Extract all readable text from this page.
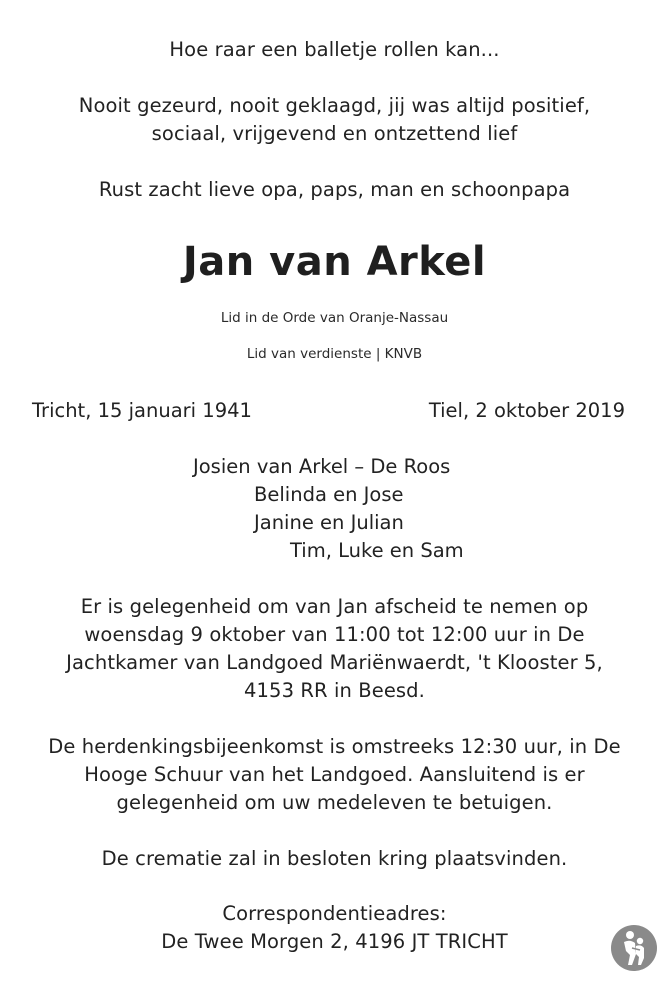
Hoe raar een balletje rollen kan...
Nooit gezeurd, nooit geklaagd, jij was altijd positief,
sociaal, vrijgevend en ontzettend lief
Rust zacht lieve opa, paps, man en schoonpapa
Jan van Arkel
Lid in de Orde van Oranje-Nassau
Lid van verdienste | KNVB
Tricht, 15 januari 1941	Tiel, 2 oktober 2019
Josien van Arkel – De Roos
Belinda en Jose
Janine en Julian
Tim, Luke en Sam
Er is gelegenheid om van Jan afscheid te nemen op
woensdag 9 oktober van 11:00 tot 12:00 uur in De
Jachtkamer van Landgoed Mariënwaerdt, 't Klooster 5,
4153 RR in Beesd.
De herdenkingsbijeenkomst is omstreeks 12:30 uur, in De
Hooge Schuur van het Landgoed. Aansluitend is er
gelegenheid om uw medeleven te betuigen.
De crematie zal in besloten kring plaatsvinden.
Correspondentieadres:
De Twee Morgen 2, 4196 JT TRICHT
